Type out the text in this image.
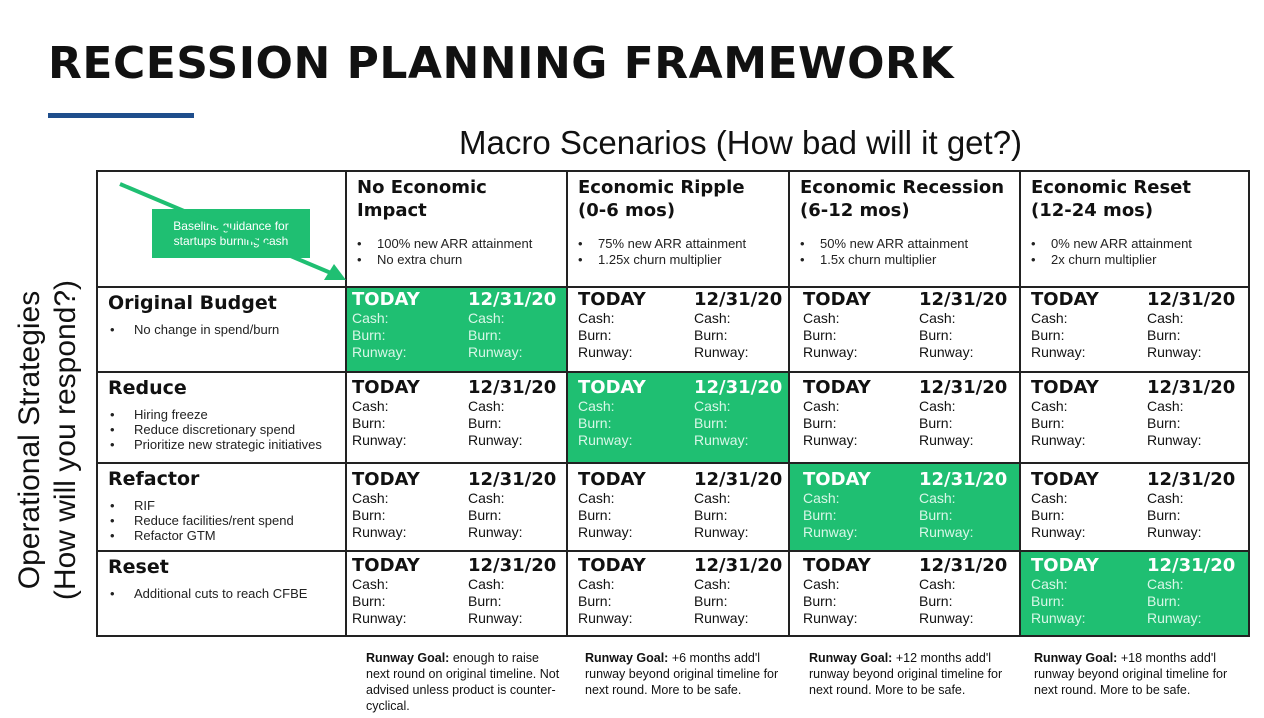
RECESSION PLANNING FRAMEWORK
Macro Scenarios (How bad will it get?)
Operational Strategies (How will you respond?)
Baseline guidance for startups burning cash
No Economic
Impact
• 100% new ARR attainment
• No extra churn
Economic Ripple
(0-6 mos)
• 75% new ARR attainment
• 1.25x churn multiplier
Economic Recession
(6-12 mos)
• 50% new ARR attainment
• 1.5x churn multiplier
Economic Reset
(12-24 mos)
• 0% new ARR attainment
• 2x churn multiplier
Original Budget
• No change in spend/burn
Reduce
• Hiring freeze
• Reduce discretionary spend
• Prioritize new strategic initiatives
Refactor
• RIF
• Reduce facilities/rent spend
• Refactor GTM
Reset
• Additional cuts to reach CFBE
TODAY
Cash:
Burn:
Runway:
12/31/20
Cash:
Burn:
Runway:
TODAY
Cash:
Burn:
Runway:
12/31/20
Cash:
Burn:
Runway:
TODAY
Cash:
Burn:
Runway:
12/31/20
Cash:
Burn:
Runway:
TODAY
Cash:
Burn:
Runway:
12/31/20
Cash:
Burn:
Runway:
TODAY
Cash:
Burn:
Runway:
12/31/20
Cash:
Burn:
Runway:
TODAY
Cash:
Burn:
Runway:
12/31/20
Cash:
Burn:
Runway:
TODAY
Cash:
Burn:
Runway:
12/31/20
Cash:
Burn:
Runway:
TODAY
Cash:
Burn:
Runway:
12/31/20
Cash:
Burn:
Runway:
TODAY
Cash:
Burn:
Runway:
12/31/20
Cash:
Burn:
Runway:
TODAY
Cash:
Burn:
Runway:
12/31/20
Cash:
Burn:
Runway:
TODAY
Cash:
Burn:
Runway:
12/31/20
Cash:
Burn:
Runway:
TODAY
Cash:
Burn:
Runway:
12/31/20
Cash:
Burn:
Runway:
TODAY
Cash:
Burn:
Runway:
12/31/20
Cash:
Burn:
Runway:
TODAY
Cash:
Burn:
Runway:
12/31/20
Cash:
Burn:
Runway:
TODAY
Cash:
Burn:
Runway:
12/31/20
Cash:
Burn:
Runway:
TODAY
Cash:
Burn:
Runway:
12/31/20
Cash:
Burn:
Runway:
Runway Goal: enough to raise next round on original timeline. Not advised unless product is counter-cyclical.
Runway Goal: +6 months add'l runway beyond original timeline for next round. More to be safe.
Runway Goal: +12 months add'l runway beyond original timeline for next round. More to be safe.
Runway Goal: +18 months add'l runway beyond original timeline for next round. More to be safe.
